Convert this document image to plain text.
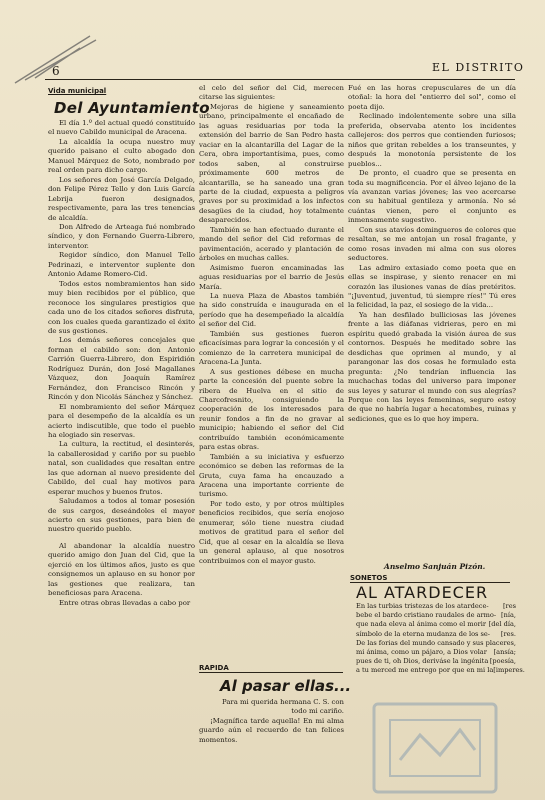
6	EL DISTRITO
Vida municipal
Del Ayuntamiento

El día 1.º del actual quedó constituído el nuevo Cabildo municipal de Aracena.

La alcaldía la ocupa nuestro muy querido paisano el culto abogado don Manuel Márquez de Soto, nombrado por real orden para dicho cargo.

Los señores don José García Delgado, don Felipe Pérez Tello y don Luis García Lebrija fueron designados, respectivamente, para las tres tenencias de alcaldía.

Don Alfredo de Arteaga fué nombrado síndico, y don Fernando Guerra-Librero, interventor.

Regidor síndico, don Manuel Tello Pedrinazi, e interventor suplente don Antonio Adame Romero-Cid.

Todos estos nombramientos han sido muy bien recibidos por el público, que reconoce los singulares prestigios que cada uno de los citados señores disfruta, con los cuales queda garantizado el éxito de sus gestiones.

Los demás señores concejales que forman el cabildo son: don Antonio Carrión Guerra-Librero, don Espiridión Rodríguez Durán, don José Magallanes Vázquez, don Joaquín Ramírez Fernández, don Francisco Rincón y Rincón y don Nicolás Sánchez y Sánchez.

El nombramiento del señor Márquez para el desempeño de la alcaldía es un acierto indiscutible, que todo el pueblo ha elogiado sin reservas.

La cultura, la rectitud, el desinterés, la caballerosidad y cariño por su pueblo natal, son cualidades que resaltan entre las que adornan al nuevo presidente del Cabildo, del cual hay motivos para esperar muchos y buenos frutos.

Saludamos a todos al tomar posesión de sus cargos, deseándoles el mayor acierto en sus gestiones, para bien de nuestro querido pueblo.

Al abandonar la alcaldía nuestro querido amigo don Juan del Cid, que la ejerció en los últimos años, justo es que consignemos un aplauso en su honor por las gestiones que realizara, tan beneficiosas para Aracena.

Entre otras obras llevadas a cabo por

el celo del señor del Cid, merecen citarse las siguientes:

Mejoras de higiene y saneamiento urbano, principalmente el encañado de las aguas residuarias por toda la extensión del barrio de San Pedro hasta vaciar en la alcantarilla del Lagar de la Cera, obra importantísima, pues, como todos saben, al construirse próximamente 600 metros de alcantarilla, se ha saneado una gran parte de la ciudad, expuesta a peligros graves por su proximidad a los infectos desagües de la ciudad, hoy totalmente desaparecidos.

También se han efectuado durante el mando del señor del Cid reformas de pavimentación, acerado y plantación de árboles en muchas calles.

Asimismo fueron encaminadas las aguas residuarias por el barrio de Jesús María.

La nueva Plaza de Abastos también ha sido construída e inaugurada en el período que ha desempeñado la alcaldía el señor del Cid.

También sus gestiones fueron eficacísimas para lograr la concesión y el comienzo de la carretera municipal de Aracena-La Junta.

A sus gestiones débese en mucha parte la concesión del puente sobre la ribera de Huelva en el sitio de Charcofresnito, consiguiendo la cooperación de los interesados para reunir fondos a fin de no gravar al municipio; habiendo el señor del Cid contribuído también económicamente para estas obras.

También a su iniciativa y esfuerzo económico se deben las reformas de la Gruta, cuya fama ha encauzado a Aracena una importante corriente de turismo.

Por todo esto, y por otros múltiples beneficios recibidos, que sería enojoso enumerar, sólo tiene nuestra ciudad motivos de gratitud para el señor del Cid, que al cesar en la alcaldía se lleva un general aplauso, al que nosotros contribuimos con el mayor gusto.

RAPIDA
Al pasar ellas...

Para mi querida hermana C. S. con todo mi cariño.

¡Magnífica tarde aquella! En mi alma guardo aún el recuerdo de tan felices momentos.

Fué en las horas crepusculares de un día otoñal: la hora del "entierro del sol", como el poeta dijo.

Reclinado indolentemente sobre una silla preferida, observaba atento los incidentes callejeros: dos perros que contienden furiosos; niños que gritan rebeldes a los transeuntes, y después la monotonía persistente de los pueblos...

De pronto, el cuadro que se presenta en toda su magnificencia. Por el álveo lejano de la vía avanzan varias jóvenes; las veo acercarse con su habitual gentileza y armonía. No sé cuántas vienen, pero el conjunto es inmensamente sugestivo.

Con sus atavíos domingueros de colores que resaltan, se me antojan un rosal fragante, y como rosas invaden mi alma con sus olores seductores.

Las admiro extasiado como poeta que en ellas se inspirase, y siento renacer en mi corazón las ilusiones vanas de días pretéritos. "¡Juventud, juventud, tú siempre ríes!" Tú eres la felicidad, la paz, el sosiego de la vida...

Ya han desfilado bulliciosas las jóvenes frente a las diáfanas vidrieras, pero en mi espíritu quedó grabada la visión áurea de sus contornos. Después he meditado sobre las desdichas que oprimen al mundo, y al parangonar las dos cosas he formulado esta pregunta: ¿No tendrían influencia las muchachas todas del universo para imponer sus leyes y saturar el mundo con sus alegrías? Porque con las leyes femeninas, seguro estoy de que no habría lugar a hecatombes, ruinas y sediciones, que es lo que hoy impera.

Anselmo Sanjuán Pizón.
SONETOS
AL ATARDECER
En las turbias tristezas de los atardece- [res
bebe el bardo cristiano raudales de armo- [nía,
que nada eleva al ánima como el morir [del día,
símbolo de la eterna mudanza de los se- [res.
De las forias del mundo cansado y sus placeres,
mi ánima, como un pájaro, a Dios volar [ansía;
pues de ti, oh Dios, deriváse la ingénita [poesía,
a tu merced me entrego por que en mi la [imperes.
